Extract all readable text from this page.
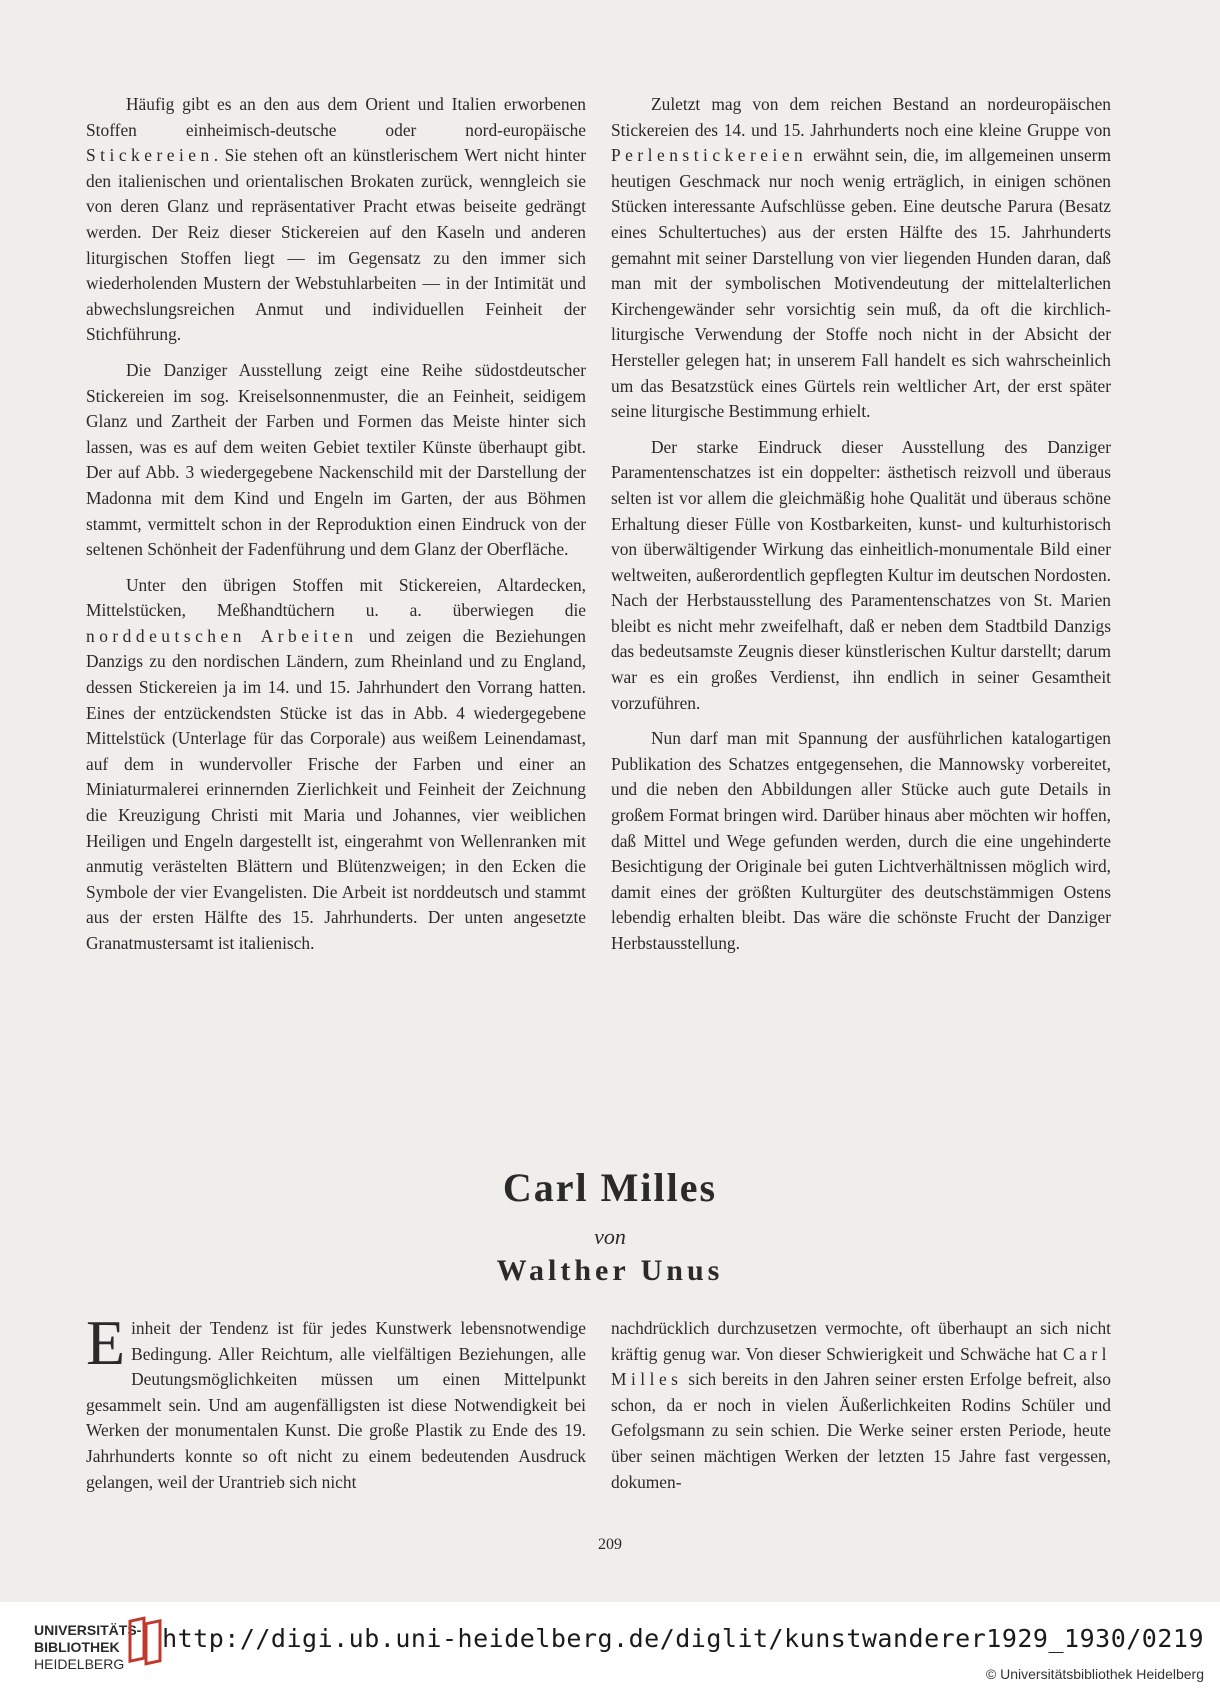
Häufig gibt es an den aus dem Orient und Italien erworbenen Stoffen einheimisch-deutsche oder nord-europäische Stickereien. Sie stehen oft an künstlerischem Wert nicht hinter den italienischen und orientalischen Brokaten zurück, wenngleich sie von deren Glanz und repräsentativer Pracht etwas beiseite gedrängt werden. Der Reiz dieser Stickereien auf den Kaseln und anderen liturgischen Stoffen liegt — im Gegensatz zu den immer sich wiederholenden Mustern der Webstuhlarbeiten — in der Intimität und abwechslungsreichen Anmut und individuellen Feinheit der Stichführung.

Die Danziger Ausstellung zeigt eine Reihe südostdeutscher Stickereien im sog. Kreiselsonnenmuster, die an Feinheit, seidigem Glanz und Zartheit der Farben und Formen das Meiste hinter sich lassen, was es auf dem weiten Gebiet textiler Künste überhaupt gibt. Der auf Abb. 3 wiedergegebene Nackenschild mit der Darstellung der Madonna mit dem Kind und Engeln im Garten, der aus Böhmen stammt, vermittelt schon in der Reproduktion einen Eindruck von der seltenen Schönheit der Fadenführung und dem Glanz der Oberfläche.

Unter den übrigen Stoffen mit Stickereien, Altardecken, Mittelstücken, Meßhandtüchern u. a. überwiegen die norddeutschen Arbeiten und zeigen die Beziehungen Danzigs zu den nordischen Ländern, zum Rheinland und zu England, dessen Stickereien ja im 14. und 15. Jahrhundert den Vorrang hatten. Eines der entzückendsten Stücke ist das in Abb. 4 wiedergegebene Mittelstück (Unterlage für das Corporale) aus weißem Leinendamast, auf dem in wundervoller Frische der Farben und einer an Miniaturmalerei erinnernden Zierlichkeit und Feinheit der Zeichnung die Kreuzigung Christi mit Maria und Johannes, vier weiblichen Heiligen und Engeln dargestellt ist, eingerahmt von Wellenranken mit anmutig verästelten Blättern und Blütenzweigen; in den Ecken die Symbole der vier Evangelisten. Die Arbeit ist norddeutsch und stammt aus der ersten Hälfte des 15. Jahrhunderts. Der unten angesetzte Granatmustersamt ist italienisch.

Zuletzt mag von dem reichen Bestand an nordeuropäischen Stickereien des 14. und 15. Jahrhunderts noch eine kleine Gruppe von Perlenstickereien erwähnt sein, die, im allgemeinen unserm heutigen Geschmack nur noch wenig erträglich, in einigen schönen Stücken interessante Aufschlüsse geben. Eine deutsche Parura (Besatz eines Schultertuches) aus der ersten Hälfte des 15. Jahrhunderts gemahnt mit seiner Darstellung von vier liegenden Hunden daran, daß man mit der symbolischen Motivendeutung der mittelalterlichen Kirchengewänder sehr vorsichtig sein muß, da oft die kirchlich-liturgische Verwendung der Stoffe noch nicht in der Absicht der Hersteller gelegen hat; in unserem Fall handelt es sich wahrscheinlich um das Besatzstück eines Gürtels rein weltlicher Art, der erst später seine liturgische Bestimmung erhielt.

Der starke Eindruck dieser Ausstellung des Danziger Paramentenschatzes ist ein doppelter: ästhetisch reizvoll und überaus selten ist vor allem die gleichmäßig hohe Qualität und überaus schöne Erhaltung dieser Fülle von Kostbarkeiten, kunst- und kulturhistorisch von überwältigender Wirkung das einheitlich-monumentale Bild einer weltweiten, außerordentlich gepflegten Kultur im deutschen Nordosten. Nach der Herbstausstellung des Paramentenschatzes von St. Marien bleibt es nicht mehr zweifelhaft, daß er neben dem Stadtbild Danzigs das bedeutsamste Zeugnis dieser künstlerischen Kultur darstellt; darum war es ein großes Verdienst, ihn endlich in seiner Gesamtheit vorzuführen.

Nun darf man mit Spannung der ausführlichen katalogartigen Publikation des Schatzes entgegensehen, die Mannowsky vorbereitet, und die neben den Abbildungen aller Stücke auch gute Details in großem Format bringen wird. Darüber hinaus aber möchten wir hoffen, daß Mittel und Wege gefunden werden, durch die eine ungehinderte Besichtigung der Originale bei guten Lichtverhältnissen möglich wird, damit eines der größten Kulturgüter des deutschstämmigen Ostens lebendig erhalten bleibt. Das wäre die schönste Frucht der Danziger Herbstausstellung.

Carl Milles
von
Walther Unus

Einheit der Tendenz ist für jedes Kunstwerk lebensnotwendige Bedingung. Aller Reichtum, alle vielfältigen Beziehungen, alle Deutungsmöglichkeiten müssen um einen Mittelpunkt gesammelt sein. Und am augenfälligsten ist diese Notwendigkeit bei Werken der monumentalen Kunst. Die große Plastik zu Ende des 19. Jahrhunderts konnte so oft nicht zu einem bedeutenden Ausdruck gelangen, weil der Urantrieb sich nicht

nachdrücklich durchzusetzen vermochte, oft überhaupt an sich nicht kräftig genug war. Von dieser Schwierigkeit und Schwäche hat Carl Milles sich bereits in den Jahren seiner ersten Erfolge befreit, also schon, da er noch in vielen Äußerlichkeiten Rodins Schüler und Gefolgsmann zu sein schien. Die Werke seiner ersten Periode, heute über seinen mächtigen Werken der letzten 15 Jahre fast vergessen, dokumen-

209
UNIVERSITÄTS-
BIBLIOTHEK
HEIDELBERG
http://digi.ub.uni-heidelberg.de/diglit/kunstwanderer1929_1930/0219
© Universitätsbibliothek Heidelberg
